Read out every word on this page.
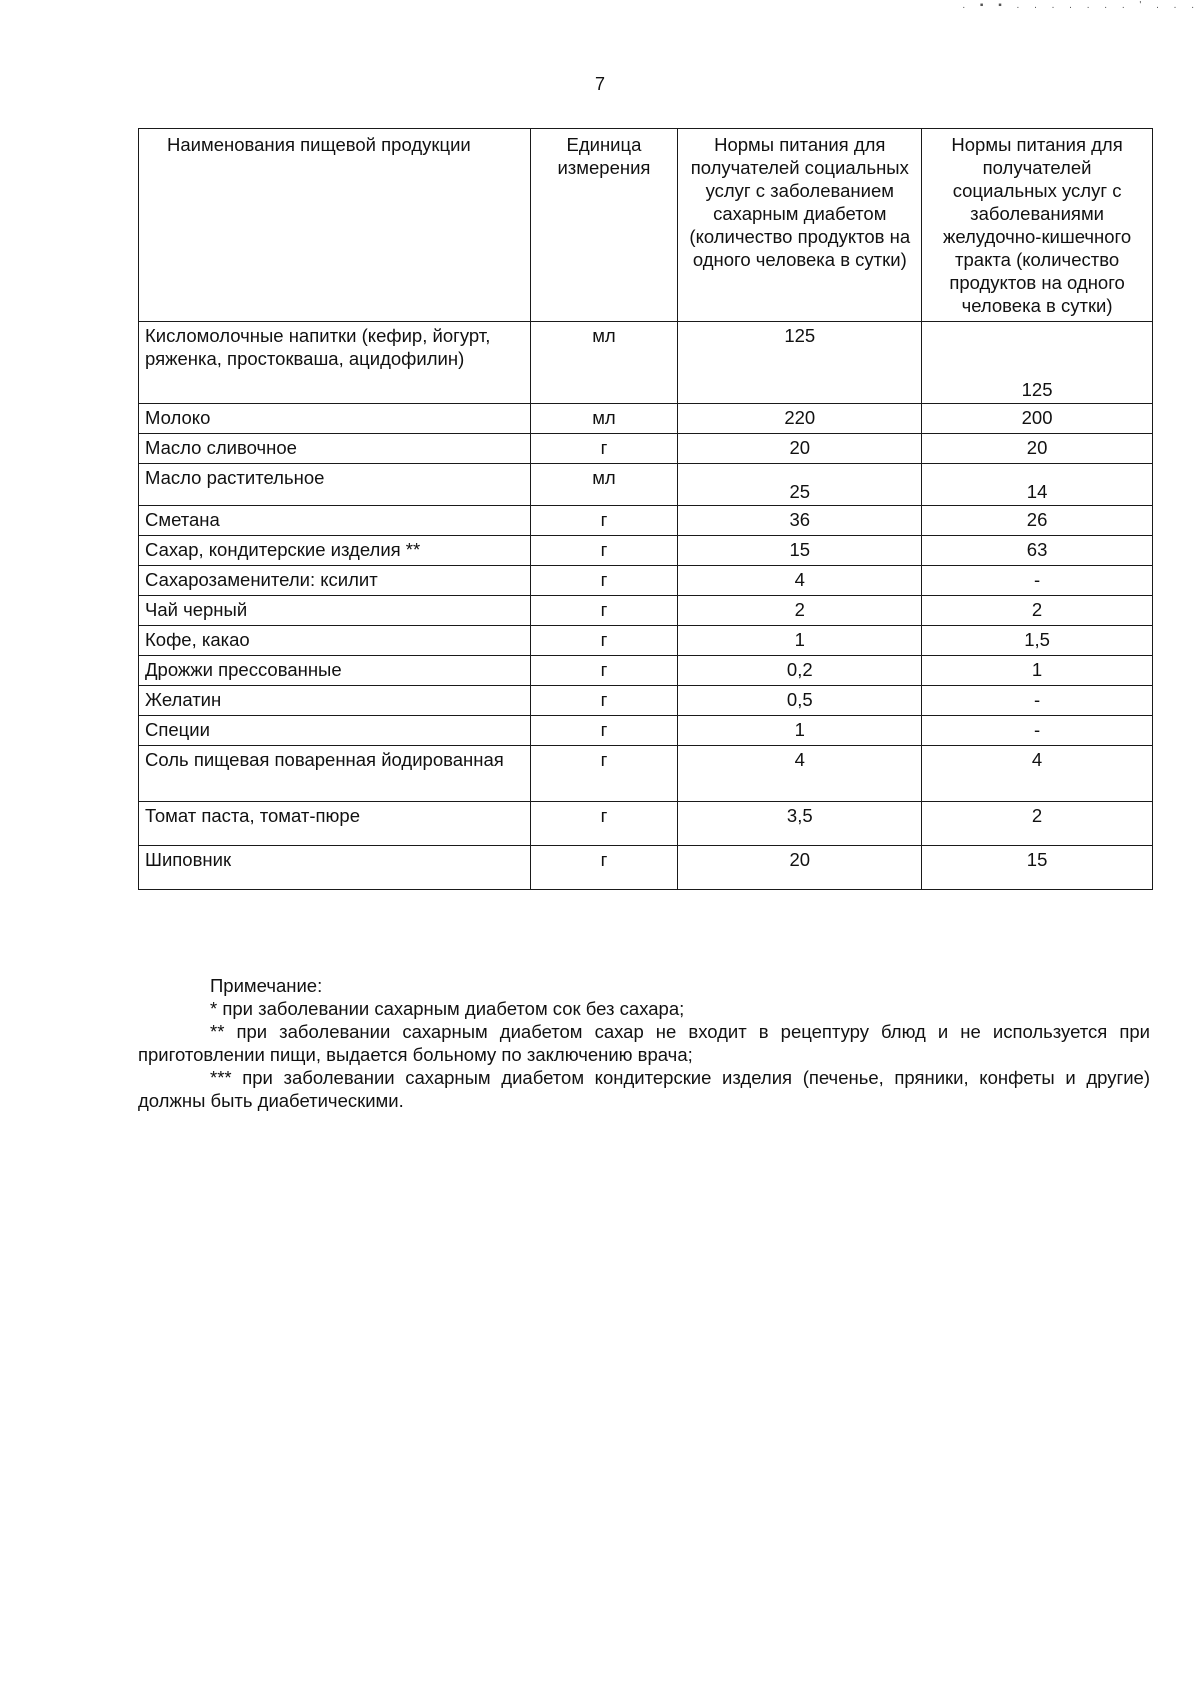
. ▪ ▪ . . . . . . . ' . . .
7
Наименования пищевой продукции	Единица измерения	Нормы питания для получателей социальных услуг с заболеванием сахарным диабетом (количество продуктов на одного человека в сутки)	Нормы питания для получателей социальных услуг с заболеваниями желудочно-кишечного тракта (количество продуктов на одного человека в сутки)
Кисломолочные напитки (кефир, йогурт, ряженка, простокваша, ацидофилин)	мл	125	125
Молоко	мл	220	200
Масло сливочное	г	20	20
Масло растительное	мл	25	14
Сметана	г	36	26
Сахар, кондитерские изделия **	г	15	63
Сахарозаменители: ксилит	г	4	-
Чай черный	г	2	2
Кофе, какао	г	1	1,5
Дрожжи прессованные	г	0,2	1
Желатин	г	0,5	-
Специи	г	1	-
Соль пищевая поваренная йодированная	г	4	4
Томат паста, томат-пюре	г	3,5	2
Шиповник	г	20	15

Примечание:

* при заболевании сахарным диабетом сок без сахара;

** при заболевании сахарным диабетом сахар не входит в рецептуру блюд и не используется при приготовлении пищи, выдается больному по заключению врача;

*** при заболевании сахарным диабетом кондитерские изделия (печенье, пряники, конфеты и другие) должны быть диабетическими.
